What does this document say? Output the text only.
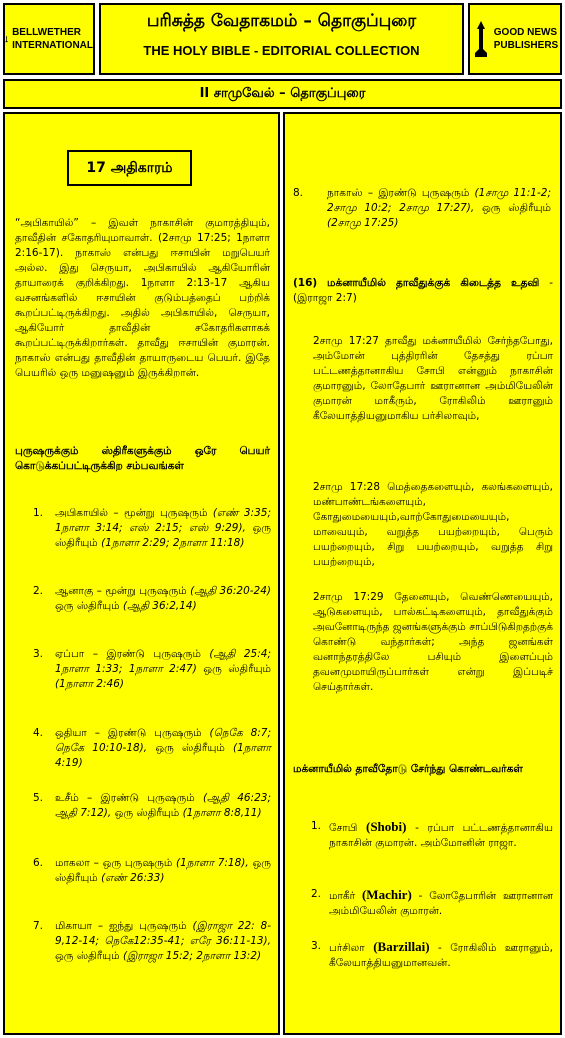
BELLWETHER
INTERNATIONAL
பரிசுத்த வேதாகமம் – தொகுப்புரை
THE HOLY BIBLE - EDITORIAL COLLECTION
GOOD NEWS
PUBLISHERS
II சாமுவேல் – தொகுப்புரை
17 அதிகாரம்
“அபிகாயில்” – இவள் நாகாசின் குமாரத்தியும், தாவீதின் சகோதரியுமாவாள். (2சாமு 17:25; 1நாளா 2:16-17). நாகாஸ் என்பது ஈசாயின் மறுபெயர் அல்ல. இது செருயா, அபிகாயில் ஆகியோரின் தாயாரைக் குறிக்கிறது. 1நாளா 2:13-17 ஆகிய வசனங்களில் ஈசாயின் குடும்பத்தைப் பற்றிக் கூறப்பட்டிருக்கிறது. அதில் அபிகாயில், செருயா, ஆகியோர் தாவீதின் சகோதரிகளாகக் கூறப்பட்டிருக்கிறார்கள். தாவீது ஈசாயின் குமாரன். நாகாஸ் என்பது தாவீதின் தாயாருடைய பெயர். இதே பெயரில் ஒரு மனுஷனும் இருக்கிறான்.
புருஷருக்கும் ஸ்திரீகளுக்கும் ஒரே பெயர் கொடுக்கப்பட்டிருக்கிற சம்பவங்கள்
1. அபிகாயில் – மூன்று புருஷரும் (எண் 3:35; 1நாளா 3:14; எஸ் 2:15; எஸ் 9:29), ஒரு ஸ்திரீயும் (1நாளா 2:29; 2நாளா 11:18)
2. ஆனாகு – மூன்று புருஷரும் (ஆதி 36:20-24) ஒரு ஸ்திரீயும் (ஆதி 36:2,14)
3. ஏப்பா – இரண்டு புருஷரும் (ஆதி 25:4; 1நாளா 1:33; 1நாளா 2:47) ஒரு ஸ்திரீயும் (1நாளா 2:46)
4. ஒதியா – இரண்டு புருஷரும் (நெகே 8:7; நெகே 10:10-18), ஒரு ஸ்திரீயும் (1நாளா 4:19)
5. உசீம் – இரண்டு புருஷரும் (ஆதி 46:23; ஆதி 7:12), ஒரு ஸ்திரீயும் (1நாளா 8:8,11)
6. மாகலா – ஒரு புருஷரும் (1நாளா 7:18), ஒரு ஸ்திரீயும் (எண் 26:33)
7. மிகாயா – ஐந்து புருஷரும் (இராஜா 22: 8-9,12-14; நெகே12:35-41; எரே 36:11-13), ஒரு ஸ்திரீயும் (இராஜா 15:2; 2நாளா 13:2)
8. நாகாஸ் – இரண்டு புருஷரும் (1சாமு 11:1-2; 2சாமு 10:2; 2சாமு 17:27), ஒரு ஸ்திரீயும் (2சாமு 17:25)
(16) மக்னாயீமில் தாவீதுக்குக் கிடைத்த உதவி - (இராஜா 2:7)
2சாமு 17:27 தாவீது மக்னாயீமில் சேர்ந்தபோது, அம்மோன் புத்திரரின் தேசத்து ரப்பா பட்டணத்தானாகிய சோபி என்னும் நாகாசின் குமாரனும், லோதேபார் ஊரானான அம்மியேலின் குமாரன் மாகீரும், ரோகிலிம் ஊரானும் கீலேயாத்தியனுமாகிய பர்சிலாவும்,
2சாமு 17:28 மெத்தைகளையும், கலங்களையும், மண்பாண்டங்களையும், கோதுமையையும்,வாற்கோதுமையையும், மாவையும், வறுத்த பயற்றையும், பெரும் பயற்றையும், சிறு பயற்றையும், வறுத்த சிறு பயற்றையும்,
2சாமு 17:29 தேனையும், வெண்ணெயையும், ஆடுகளையும், பால்கட்டிகளையும், தாவீதுக்கும் அவனோடிருந்த ஜனங்களுக்கும் சாப்பிடுகிறதற்குக் கொண்டு வந்தார்கள்; அந்த ஜனங்கள் வனாந்தரத்திலே பசியும் இளைப்பும் தவனமுமாயிருப்பார்கள் என்று இப்படிச் செய்தார்கள்.
மக்னாயீமில் தாவீதோடு சேர்ந்து கொண்டவர்கள்
1. சோபி (Shobi) - ரப்பா பட்டணத்தானாகிய நாகாசின் குமாரன். அம்மோனின் ராஜா.
2. மாகீர் (Machir) - லோதேபாரின் ஊரானான அம்மியேலின் குமாரன்.
3. பர்சிலா (Barzillai) - ரோகிலிம் ஊரானும், கீலேயாத்தியனுமானவன்.
